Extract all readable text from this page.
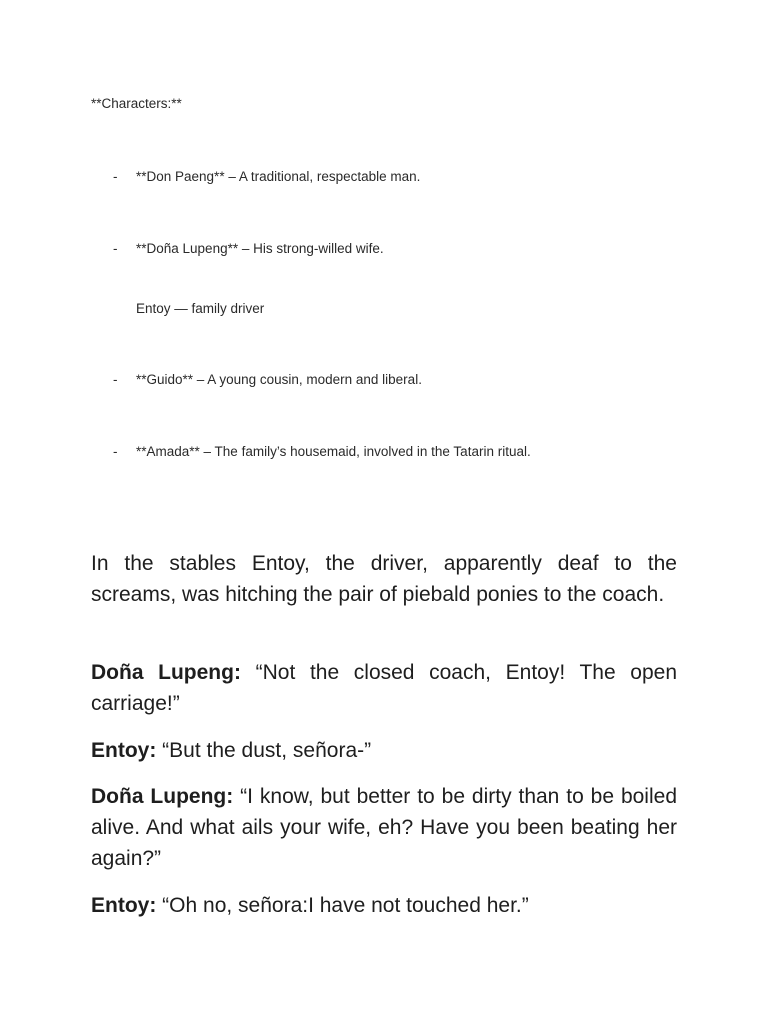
**Characters:**
- **Don Paeng** – A traditional, respectable man.
- **Doña Lupeng** – His strong-willed wife.
Entoy — family driver
- **Guido** – A young cousin, modern and liberal.
- **Amada** – The family’s housemaid, involved in the Tatarin ritual.

In the stables Entoy, the driver, apparently deaf to the screams, was hitching the pair of piebald ponies to the coach.

Doña Lupeng: “Not the closed coach, Entoy! The open carriage!”

Entoy: “But the dust, señora-”

Doña Lupeng: “I know, but better to be dirty than to be boiled alive. And what ails your wife, eh? Have you been beating her again?”

Entoy: “Oh no, señora:I have not touched her.”
